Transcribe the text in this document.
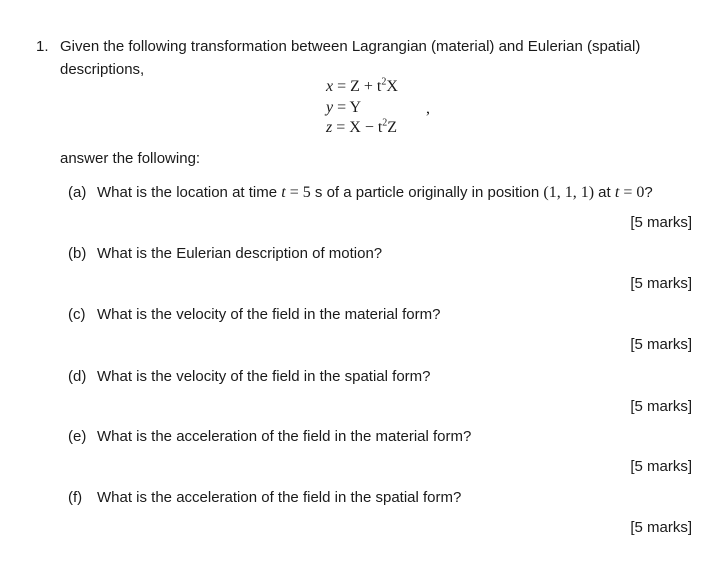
1. Given the following transformation between Lagrangian (material) and Eulerian (spatial)
descriptions,
$x = Z + t^2X$
y = Y	,
$z = X - t^2Z$
answer the following:
(a) What is the location at time t = 5 s of a particle originally in position (1, 1, 1) at t = 0?
[5 marks]
(b) What is the Eulerian description of motion?
[5 marks]
(c) What is the velocity of the field in the material form?
[5 marks]
(d) What is the velocity of the field in the spatial form?
[5 marks]
(e) What is the acceleration of the field in the material form?
[5 marks]
(f) What is the acceleration of the field in the spatial form?
[5 marks]
